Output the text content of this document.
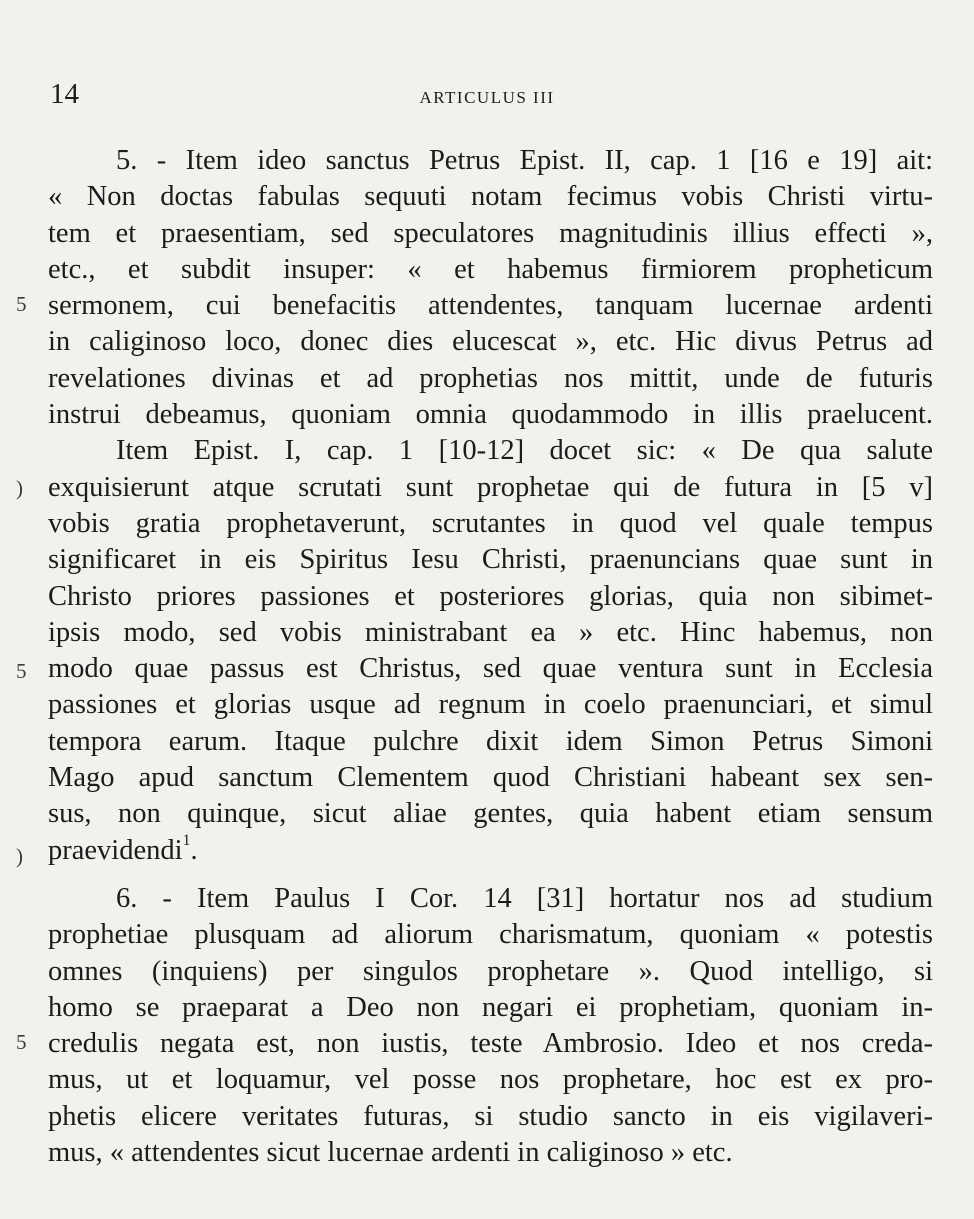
14	ARTICULUS III
5
)
5
)
5
5. - Item ideo sanctus Petrus Epist. II, cap. 1 [16 e 19] ait:
« Non doctas fabulas sequuti notam fecimus vobis Christi virtu-
tem et praesentiam, sed speculatores magnitudinis illius effecti »,
etc., et subdit insuper: « et habemus firmiorem propheticum
sermonem, cui benefacitis attendentes, tanquam lucernae ardenti
in caliginoso loco, donec dies elucescat », etc. Hic divus Petrus ad
revelationes divinas et ad prophetias nos mittit, unde de futuris
instrui debeamus, quoniam omnia quodammodo in illis praelucent.
Item Epist. I, cap. 1 [10-12] docet sic: « De qua salute
exquisierunt atque scrutati sunt prophetae qui de futura in [5 v]
vobis gratia prophetaverunt, scrutantes in quod vel quale tempus
significaret in eis Spiritus Iesu Christi, praenuncians quae sunt in
Christo priores passiones et posteriores glorias, quia non sibimet-
ipsis modo, sed vobis ministrabant ea » etc. Hinc habemus, non
modo quae passus est Christus, sed quae ventura sunt in Ecclesia
passiones et glorias usque ad regnum in coelo praenunciari, et simul
tempora earum. Itaque pulchre dixit idem Simon Petrus Simoni
Mago apud sanctum Clementem quod Christiani habeant sex sen-
sus, non quinque, sicut aliae gentes, quia habent etiam sensum
praevidendi$^1$.
6. - Item Paulus I Cor. 14 [31] hortatur nos ad studium
prophetiae plusquam ad aliorum charismatum, quoniam « potestis
omnes (inquiens) per singulos prophetare ». Quod intelligo, si
homo se praeparat a Deo non negari ei prophetiam, quoniam in-
credulis negata est, non iustis, teste Ambrosio. Ideo et nos creda-
mus, ut et loquamur, vel posse nos prophetare, hoc est ex pro-
phetis elicere veritates futuras, si studio sancto in eis vigilaveri-
mus, « attendentes sicut lucernae ardenti in caliginoso » etc.
